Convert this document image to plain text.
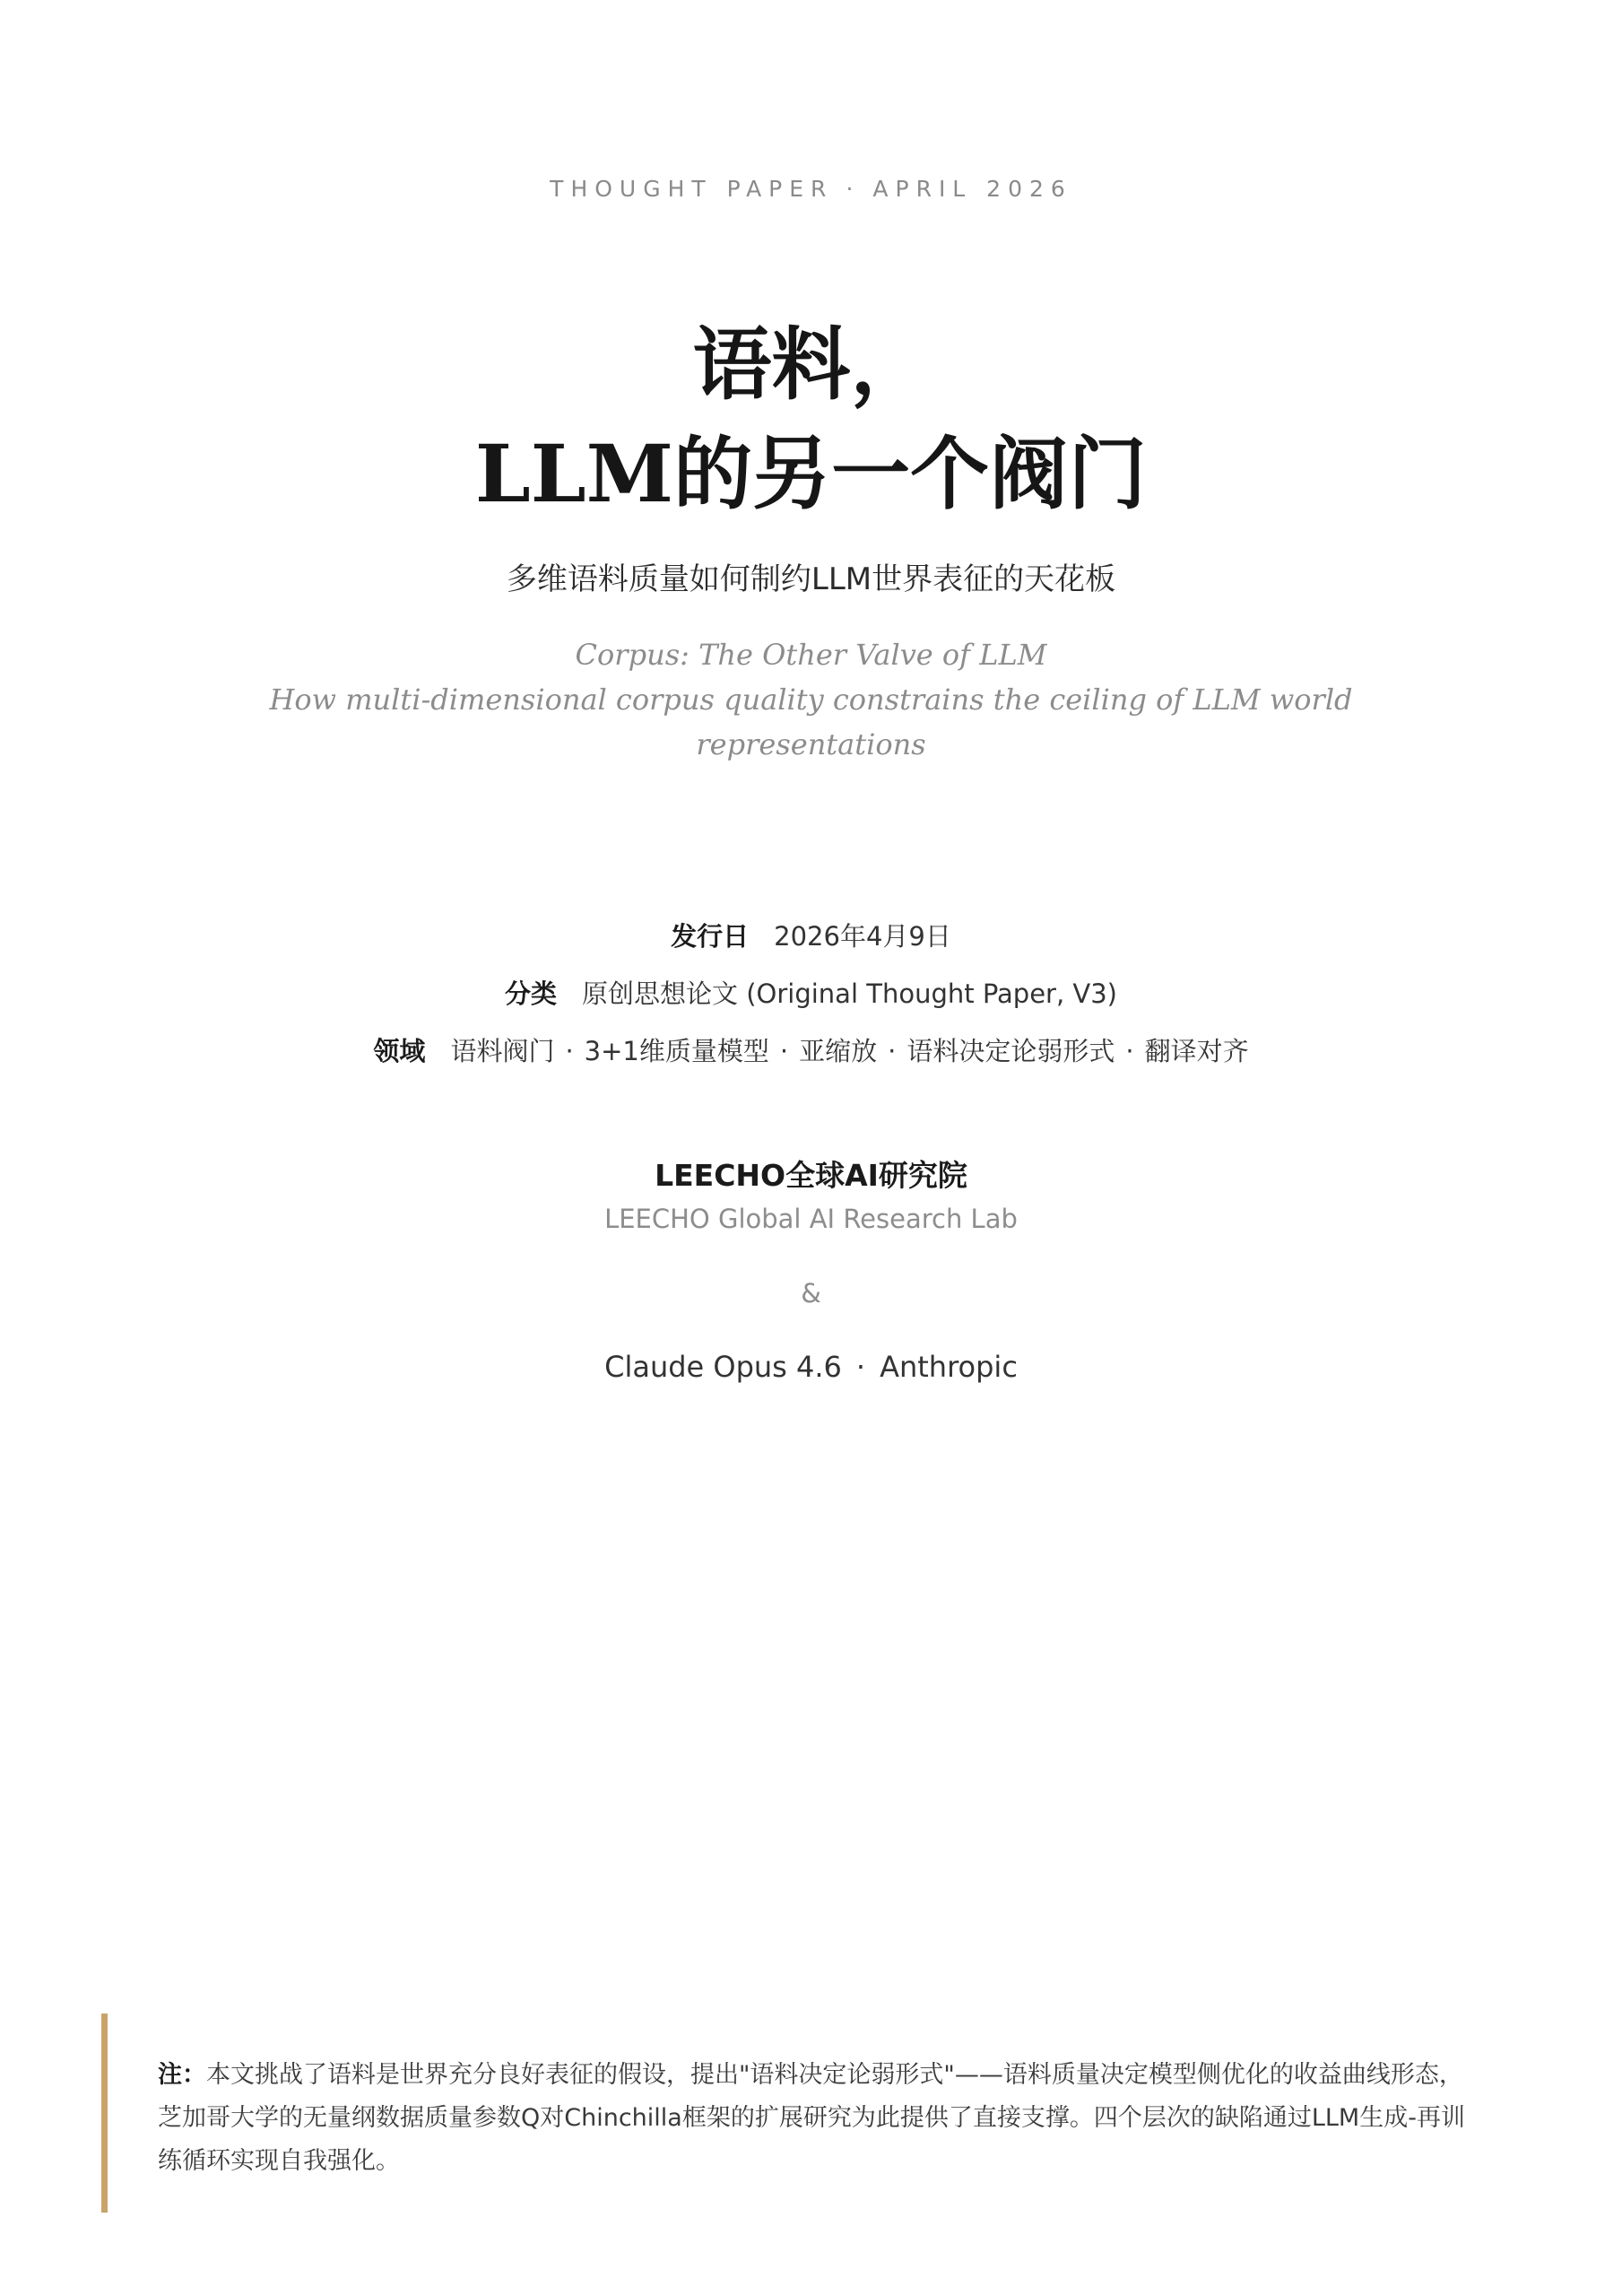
THOUGHT PAPER · APRIL 2026
语料，
LLM的另一个阀门
多维语料质量如何制约LLM世界表征的天花板
Corpus: The Other Valve of LLM
How multi-dimensional corpus quality constrains the ceiling of LLM world
representations
发行日 2026年4月9日
分类 原创思想论文 (Original Thought Paper, V3)
领域 语料阀门 · 3+1维质量模型 · 亚缩放 · 语料决定论弱形式 · 翻译对齐
LEECHO全球AI研究院
LEECHO Global AI Research Lab
&
Claude Opus 4.6 · Anthropic
注：本文挑战了语料是世界充分良好表征的假设，提出"语料决定论弱形式"——语料质量决定模型侧优化的收益曲线形态，芝加哥大学的无量纲数据质量参数Q对Chinchilla框架的扩展研究为此提供了直接支撑。四个层次的缺陷通过LLM生成-再训练循环实现自我强化。
